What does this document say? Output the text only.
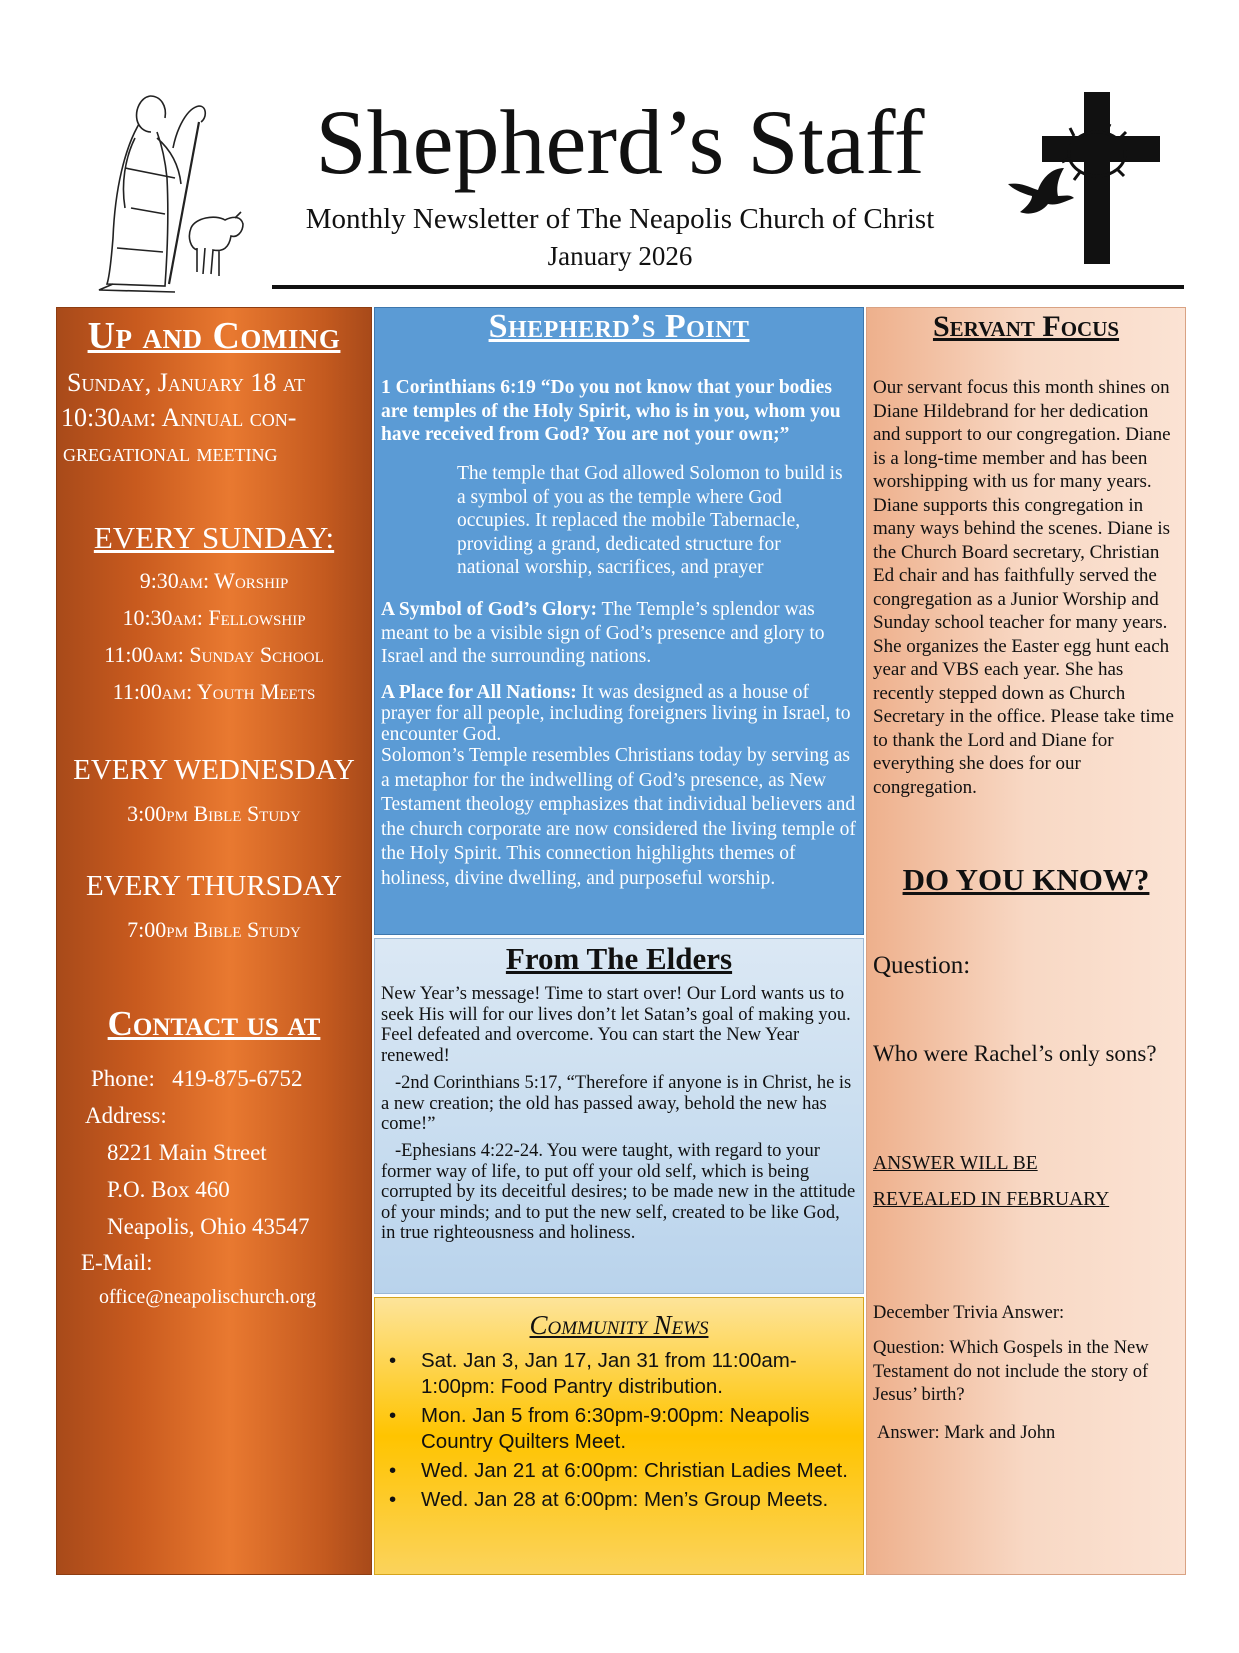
Shepherd’s Staff
Monthly Newsletter of The Neapolis Church of Christ
January 2026
Up and Coming
Sunday, January 18 at
10:30am: Annual con-
gregational meeting
EVERY SUNDAY:
9:30am: Worship
10:30am: Fellowship
11:00am: Sunday School
11:00am: Youth Meets
EVERY WEDNESDAY
3:00pm Bible Study
EVERY THURSDAY
7:00pm Bible Study
Contact us at
Phone: 419-875-6752
Address:
8221 Main Street
P.O. Box 460
Neapolis, Ohio 43547
E-Mail:
office@neapolischurch.org
Shepherd’s Point
1 Corinthians 6:19 “Do you not know that your bodies are temples of the Holy Spirit, who is in you, whom you have received from God? You are not your own;”
The temple that God allowed Solomon to build is a symbol of you as the temple where God occupies. It replaced the mobile Tabernacle, providing a grand, dedicated structure for national worship, sacrifices, and prayer
A Symbol of God’s Glory: The Temple’s splendor was meant to be a visible sign of God’s presence and glory to Israel and the surrounding nations.
A Place for All Nations: It was designed as a house of prayer for all people, including foreigners living in Israel, to encounter God.
Solomon’s Temple resembles Christians today by serving as a metaphor for the indwelling of God’s presence, as New Testament theology emphasizes that individual believers and the church corporate are now considered the living temple of the Holy Spirit. This connection highlights themes of holiness, divine dwelling, and purposeful worship.
From The Elders
New Year’s message! Time to start over! Our Lord wants us to seek His will for our lives don’t let Satan’s goal of making you. Feel defeated and overcome. You can start the New Year renewed!
-2nd Corinthians 5:17, “Therefore if anyone is in Christ, he is a new creation; the old has passed away, behold the new has come!”
-Ephesians 4:22-24. You were taught, with regard to your former way of life, to put off your old self, which is being corrupted by its deceitful desires; to be made new in the attitude of your minds; and to put the new self, created to be like God, in true righteousness and holiness.
Community News
• Sat. Jan 3, Jan 17, Jan 31 from 11:00am-1:00pm: Food Pantry distribution.
• Mon. Jan 5 from 6:30pm-9:00pm: Neapolis Country Quilters Meet.
• Wed. Jan 21 at 6:00pm: Christian Ladies Meet.
• Wed. Jan 28 at 6:00pm: Men’s Group Meets.
Servant Focus
Our servant focus this month shines on Diane Hildebrand for her dedication and support to our congregation. Diane is a long-time member and has been worshipping with us for many years. Diane supports this congregation in many ways behind the scenes. Diane is the Church Board secretary, Christian Ed chair and has faithfully served the congregation as a Junior Worship and Sunday school teacher for many years. She organizes the Easter egg hunt each year and VBS each year. She has recently stepped down as Church Secretary in the office. Please take time to thank the Lord and Diane for everything she does for our congregation.
DO YOU KNOW?
Question:
Who were Rachel’s only sons?
ANSWER WILL BE
REVEALED IN FEBRUARY
December Trivia Answer:
Question: Which Gospels in the New Testament do not include the story of Jesus’ birth?
Answer: Mark and John
